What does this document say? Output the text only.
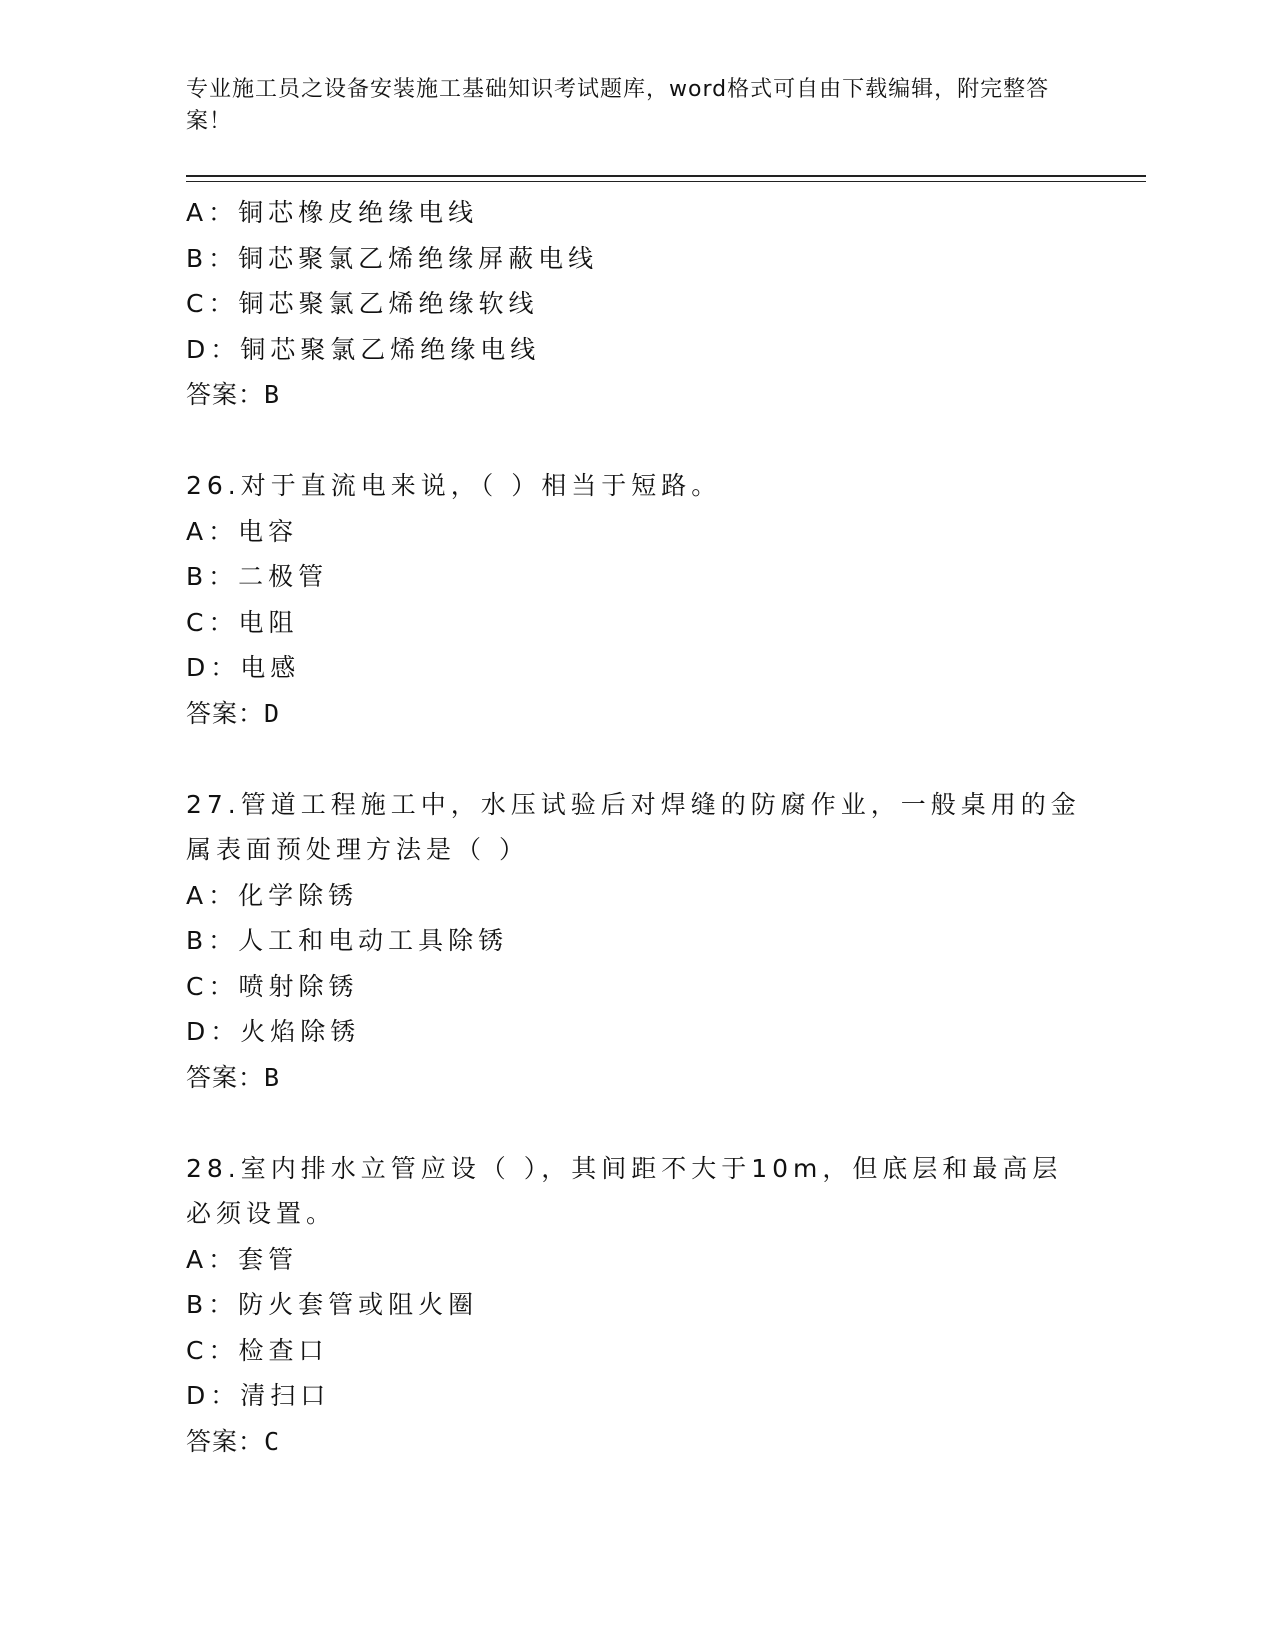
专业施工员之设备安装施工基础知识考试题库，word格式可自由下载编辑，附完整答案！
A：铜芯橡皮绝缘电线
B：铜芯聚氯乙烯绝缘屏蔽电线
C：铜芯聚氯乙烯绝缘软线
D：铜芯聚氯乙烯绝缘电线
答案：B
26.对于直流电来说，（ ）相当于短路。
A：电容
B：二极管
C：电阻
D：电感
答案：D
27.管道工程施工中，水压试验后对焊缝的防腐作业，一般桌用的金属表面预处理方法是（ ）
A：化学除锈
B：人工和电动工具除锈
C：喷射除锈
D：火焰除锈
答案：B
28.室内排水立管应设（ ），其间距不大于10m，但底层和最高层必须设置。
A：套管
B：防火套管或阻火圈
C：检查口
D：清扫口
答案：C
